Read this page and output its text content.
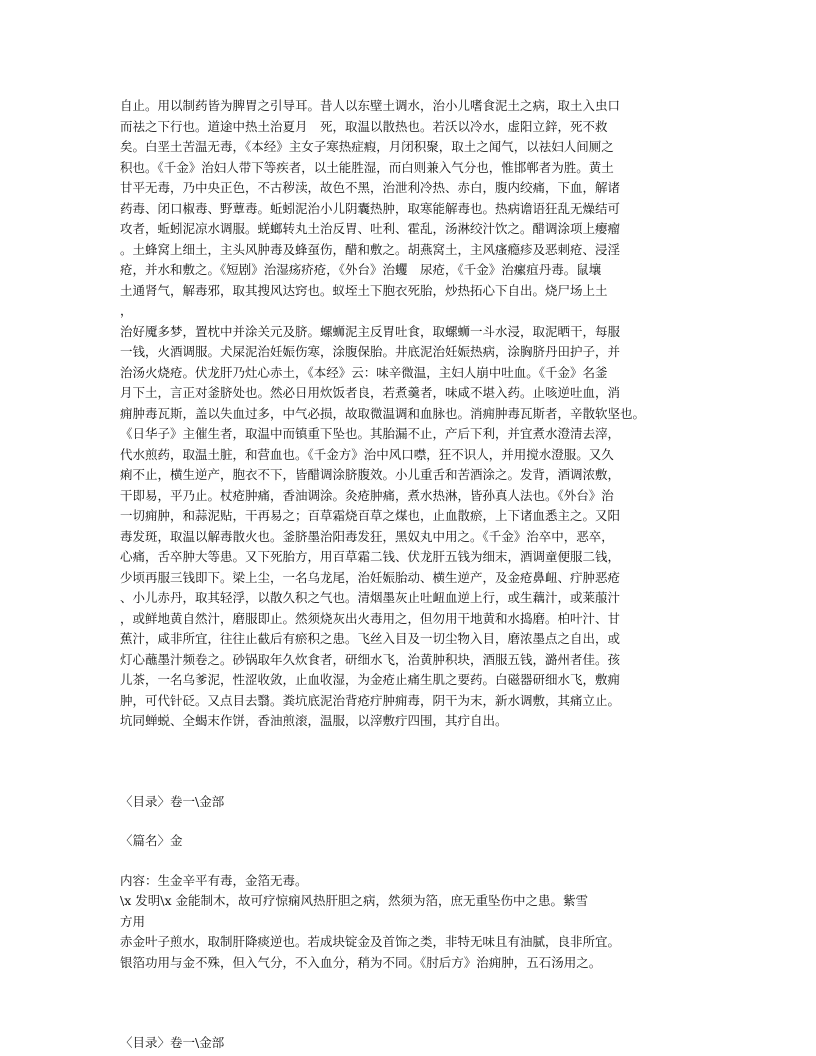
自止。用以制药皆为脾胃之引导耳。昔人以东壁土调水，治小儿嗜食泥土之病，取土入虫口
而祛之下行也。道途中热土治夏月　死，取温以散热也。若沃以冷水，虚阳立鋅，死不救
矣。白垩土苦温无毒，《本经》主女子寒热症瘕，月闭积聚，取土之闻气，以祛妇人间厕之
积也。《千金》治妇人带下等疾者，以土能胜湿，而白则兼入气分也，惟邯郸者为胜。黄土
甘平无毒，乃中央正色，不古秽渎，故色不黑，治泄利冷热、赤白，腹内绞痛，下血，解诸
药毒、闭口椒毒、野蕈毒。蚯蚓泥治小儿阴囊热肿，取寒能解毒也。热病谵语狂乱无燥结可
攻者，蚯蚓泥凉水调服。蜣螂转丸土治反胃、吐利、霍乱，汤淋绞汁饮之。醋调涂项上瘿瘤
。土蜂窝上细土，主头风肿毒及蜂虿伤，醋和敷之。胡燕窝土，主风瘙瘾疹及恶刺疮、浸淫
疮，并水和敷之。《短剧》治湿疡疥疮，《外台》治蠼　尿疮，《千金》治瘰疽丹毒。鼠壤
土通肾气，解毒邪，取其搜风达窍也。蚁垤土下胞衣死胎，炒热拓心下自出。烧尸场上土
，
治好魇多梦，置枕中并涂关元及脐。螺蛳泥主反胃吐食，取螺蛳一斗水浸，取泥晒干，每服
一钱，火酒调服。犬屎泥治妊娠伤寒，涂腹保胎。井底泥治妊娠热病，涂胸脐丹田护子，并
治汤火烧疮。伏龙肝乃灶心赤土，《本经》云：味辛微温，主妇人崩中吐血。《千金》名釜
月下土，言正对釜脐处也。然必日用炊饭者良，若煮羹者，味咸不堪入药。止咳逆吐血，消
痈肿毒瓦斯，盖以失血过多，中气必损，故取微温调和血脉也。消痈肿毒瓦斯者，辛散软坚也。
《日华子》主催生者，取温中而镇重下坠也。其胎漏不止，产后下利，并宜煮水澄清去滓，
代水煎药，取温土脏，和营血也。《千金方》治中风口噤，狂不识人，并用搅水澄服。又久
痢不止，横生逆产，胞衣不下，皆醋调涂脐腹效。小儿重舌和苦酒涂之。发背，酒调浓敷，
干即易，平乃止。杖疮肿痛，香油调涂。灸疮肿痛，煮水热淋，皆孙真人法也。《外台》治
一切痈肿，和蒜泥贴，干再易之；百草霜烧百草之煤也，止血散瘀，上下诸血悉主之。又阳
毒发斑，取温以解毒散火也。釜脐墨治阳毒发狂，黑奴丸中用之。《千金》治卒中，恶卒，
心痛，舌卒肿大等患。又下死胎方，用百草霜二钱、伏龙肝五钱为细末，酒调童便服二钱，
少顷再服三钱即下。梁上尘，一名乌龙尾，治妊娠胎动、横生逆产，及金疮鼻衄、疔肿恶疮
、小儿赤丹，取其轻浮，以散久积之气也。清烟墨灰止吐衄血逆上行，或生藕汁，或莱菔汁
，或鲜地黄自然汁，磨服即止。然须烧灰出火毒用之，但勿用干地黄和水捣磨。柏叶汁、甘
蕉汁，咸非所宜，往往止截后有瘀积之患。飞丝入目及一切尘物入目，磨浓墨点之自出，或
灯心蘸墨汁频卷之。砂锅取年久炊食者，研细水飞，治黄肿积块，酒服五钱，潞州者佳。孩
儿茶，一名乌爹泥，性涩收敛，止血收湿，为金疮止痛生肌之要药。白磁器研细水飞，敷痈
肿，可代针砭。又点目去翳。粪坑底泥治背疮疔肿痈毒，阴干为末，新水调敷，其痛立止。
坑同蝉蜕、全蝎末作饼，香油煎滚，温服，以滓敷疔四围，其疔自出。
〈目录〉卷一\金部
〈篇名〉金
内容：生金辛平有毒，金箔无毒。
\x 发明\x 金能制木，故可疗惊痫风热肝胆之病，然须为箔，庶无重坠伤中之患。紫雪
方用
赤金叶子煎水，取制肝降痰逆也。若成块锭金及首饰之类，非特无味且有油腻，良非所宜。
银箔功用与金不殊，但入气分，不入血分，稍为不同。《肘后方》治痈肿，五石汤用之。
〈目录〉卷一\金部
